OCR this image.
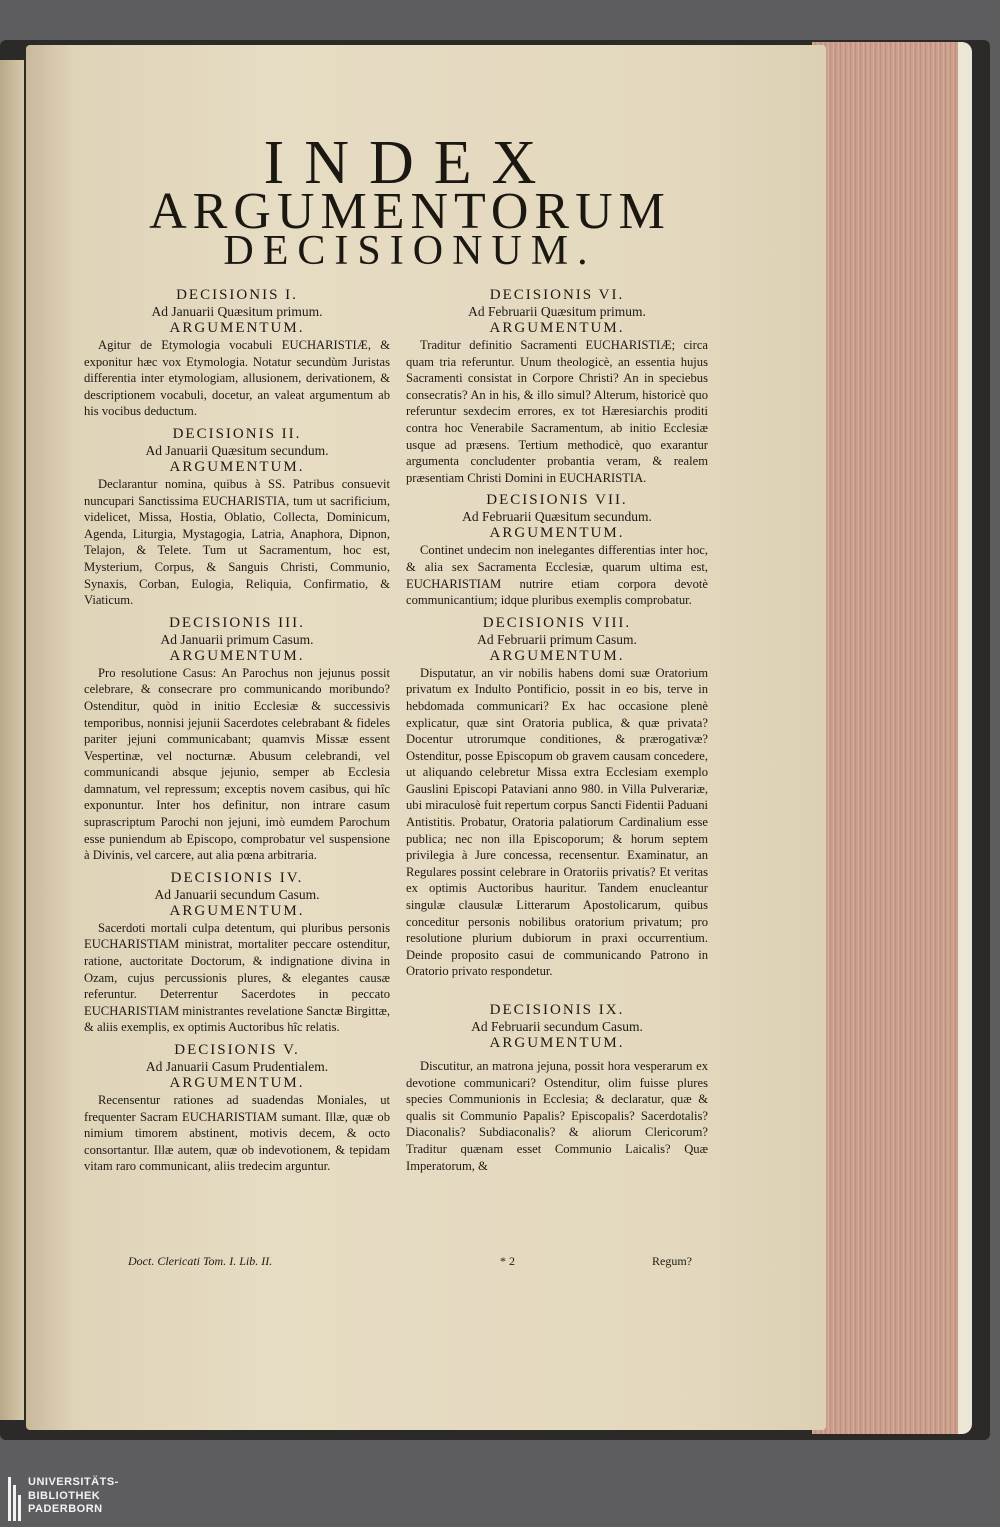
INDEX
ARGUMENTORUM
DECISIONUM.
DECISIONIS I.
Ad Januarii Quæsitum primum.
ARGUMENTUM.

Agitur de Etymologia vocabuli EUCHARISTIÆ, & exponitur hæc vox Etymologia. Notatur secundùm Juristas differentia inter etymologiam, allusionem, derivationem, & descriptionem vocabuli, docetur, an valeat argumentum ab his vocibus deductum.

DECISIONIS II.
Ad Januarii Quæsitum secundum.
ARGUMENTUM.

Declarantur nomina, quibus à SS. Patribus consuevit nuncupari Sanctissima EUCHARISTIA, tum ut sacrificium, videlicet, Missa, Hostia, Oblatio, Collecta, Dominicum, Agenda, Liturgia, Mystagogia, Latria, Anaphora, Dipnon, Telajon, & Telete. Tum ut Sacramentum, hoc est, Mysterium, Corpus, & Sanguis Christi, Communio, Synaxis, Corban, Eulogia, Reliquia, Confirmatio, & Viaticum.

DECISIONIS III.
Ad Januarii primum Casum.
ARGUMENTUM.

Pro resolutione Casus: An Parochus non jejunus possit celebrare, & consecrare pro communicando moribundo? Ostenditur, quòd in initio Ecclesiæ & successivis temporibus, nonnisi jejunii Sacerdotes celebrabant & fideles pariter jejuni communicabant; quamvis Missæ essent Vespertinæ, vel nocturnæ. Abusum celebrandi, vel communicandi absque jejunio, semper ab Ecclesia damnatum, vel repressum; exceptis novem casibus, qui hîc exponuntur. Inter hos definitur, non intrare casum suprascriptum Parochi non jejuni, imò eumdem Parochum esse puniendum ab Episcopo, comprobatur vel suspensione à Divinis, vel carcere, aut alia pœna arbitraria.

DECISIONIS IV.
Ad Januarii secundum Casum.
ARGUMENTUM.

Sacerdoti mortali culpa detentum, qui pluribus personis EUCHARISTIAM ministrat, mortaliter peccare ostenditur, ratione, auctoritate Doctorum, & indignatione divina in Ozam, cujus percussionis plures, & elegantes causæ referuntur. Deterrentur Sacerdotes in peccato EUCHARISTIAM ministrantes revelatione Sanctæ Birgittæ, & aliis exemplis, ex optimis Auctoribus hîc relatis.

DECISIONIS V.
Ad Januarii Casum Prudentialem.
ARGUMENTUM.

Recensentur rationes ad suadendas Moniales, ut frequenter Sacram EUCHARISTIAM sumant. Illæ, quæ ob nimium timorem abstinent, motivis decem, & octo consortantur. Illæ autem, quæ ob indevotionem, & tepidam vitam raro communicant, aliis tredecim arguntur.

DECISIONIS VI.
Ad Februarii Quæsitum primum.
ARGUMENTUM.

Traditur definitio Sacramenti EUCHARISTIÆ; circa quam tria referuntur. Unum theologicè, an essentia hujus Sacramenti consistat in Corpore Christi? An in speciebus consecratis? An in his, & illo simul? Alterum, historicè quo referuntur sexdecim errores, ex tot Hæresiarchis proditi contra hoc Venerabile Sacramentum, ab initio Ecclesiæ usque ad præsens. Tertium methodicè, quo exarantur argumenta concludenter probantia veram, & realem præsentiam Christi Domini in EUCHARISTIA.

DECISIONIS VII.
Ad Februarii Quæsitum secundum.
ARGUMENTUM.

Continet undecim non inelegantes differentias inter hoc, & alia sex Sacramenta Ecclesiæ, quarum ultima est, EUCHARISTIAM nutrire etiam corpora devotè communicantium; idque pluribus exemplis comprobatur.

DECISIONIS VIII.
Ad Februarii primum Casum.
ARGUMENTUM.

Disputatur, an vir nobilis habens domi suæ Oratorium privatum ex Indulto Pontificio, possit in eo bis, terve in hebdomada communicari? Ex hac occasione plenè explicatur, quæ sint Oratoria publica, & quæ privata? Docentur utrorumque conditiones, & prærogativæ? Ostenditur, posse Episcopum ob gravem causam concedere, ut aliquando celebretur Missa extra Ecclesiam exemplo Gauslini Episcopi Pataviani anno 980. in Villa Pulverariæ, ubi miraculosè fuit repertum corpus Sancti Fidentii Paduani Antistitis. Probatur, Oratoria palatiorum Cardinalium esse publica; nec non illa Episcoporum; & horum septem privilegia à Jure concessa, recensentur. Examinatur, an Regulares possint celebrare in Oratoriis privatis? Et veritas ex optimis Auctoribus hauritur. Tandem enucleantur singulæ clausulæ Litterarum Apostolicarum, quibus conceditur personis nobilibus oratorium privatum; pro resolutione plurium dubiorum in praxi occurrentium. Deinde proposito casui de communicando Patrono in Oratorio privato respondetur.

DECISIONIS IX.
Ad Februarii secundum Casum.
ARGUMENTUM.

Discutitur, an matrona jejuna, possit hora vesperarum ex devotione communicari? Ostenditur, olim fuisse plures species Communionis in Ecclesia; & declaratur, quæ & qualis sit Communio Papalis? Episcopalis? Sacerdotalis? Diaconalis? Subdiaconalis? & aliorum Clericorum? Traditur quænam esset Communio Laicalis? Quæ Imperatorum, &

Doct. Clericati Tom. I. Lib. II.	* 2	Regum?
UNIVERSITÄTS-
BIBLIOTHEK
PADERBORN
